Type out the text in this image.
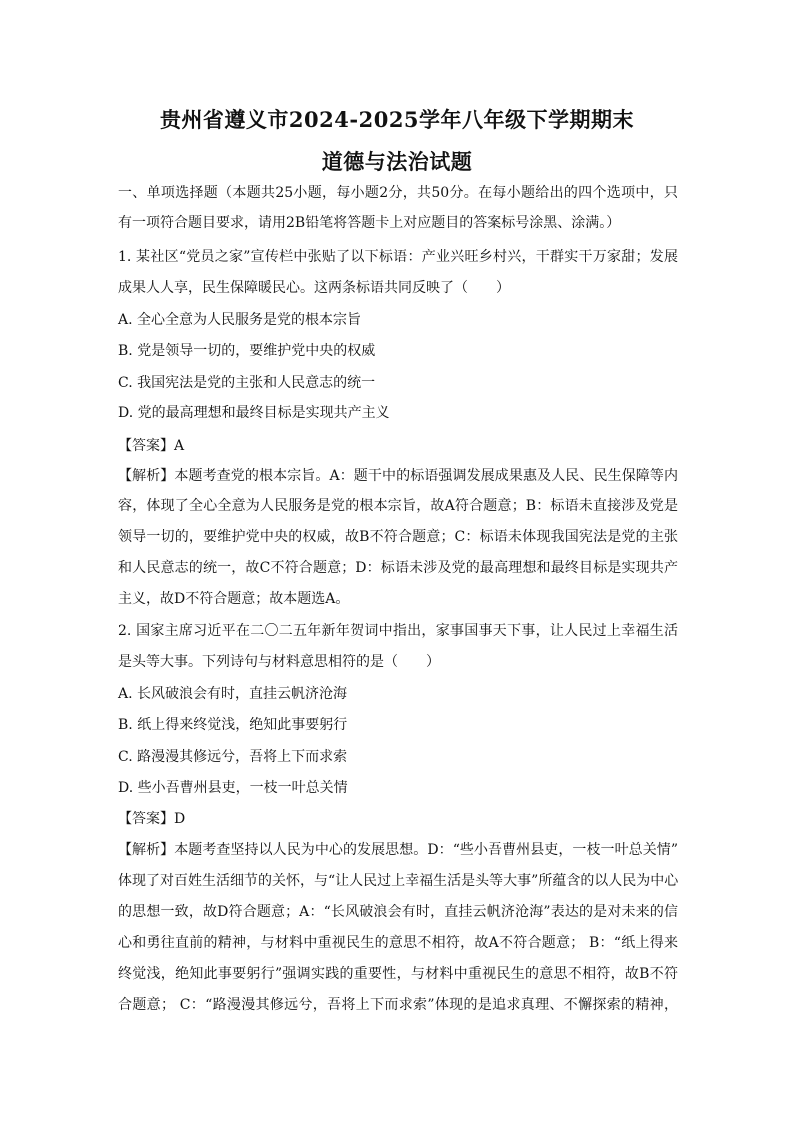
贵州省遵义市2024-2025学年八年级下学期期末
道德与法治试题
一、单项选择题（本题共25小题，每小题2分，共50分。在每小题给出的四个选项中，只
有一项符合题目要求，请用2B铅笔将答题卡上对应题目的答案标号涂黑、涂满。）
1. 某社区“党员之家”宣传栏中张贴了以下标语：产业兴旺乡村兴，干群实干万家甜；发展
成果人人享，民生保障暖民心。这两条标语共同反映了（　　）
A. 全心全意为人民服务是党的根本宗旨
B. 党是领导一切的，要维护党中央的权威
C. 我国宪法是党的主张和人民意志的统一
D. 党的最高理想和最终目标是实现共产主义
【答案】A
【解析】本题考查党的根本宗旨。A：题干中的标语强调发展成果惠及人民、民生保障等内
容，体现了全心全意为人民服务是党的根本宗旨，故A符合题意；B：标语未直接涉及党是
领导一切的，要维护党中央的权威，故B不符合题意；C：标语未体现我国宪法是党的主张
和人民意志的统一，故C不符合题意；D：标语未涉及党的最高理想和最终目标是实现共产
主义，故D不符合题意；故本题选A。
2. 国家主席习近平在二〇二五年新年贺词中指出，家事国事天下事，让人民过上幸福生活
是头等大事。下列诗句与材料意思相符的是（　　）
A. 长风破浪会有时，直挂云帆济沧海
B. 纸上得来终觉浅，绝知此事要躬行
C. 路漫漫其修远兮，吾将上下而求索
D. 些小吾曹州县吏，一枝一叶总关情
【答案】D
【解析】本题考查坚持以人民为中心的发展思想。D：“些小吾曹州县吏，一枝一叶总关情”
体现了对百姓生活细节的关怀，与“让人民过上幸福生活是头等大事”所蕴含的以人民为中心
的思想一致，故D符合题意；A：“长风破浪会有时，直挂云帆济沧海”表达的是对未来的信
心和勇往直前的精神，与材料中重视民生的意思不相符，故A不符合题意； B：“纸上得来
终觉浅，绝知此事要躬行”强调实践的重要性，与材料中重视民生的意思不相符，故B不符
合题意； C：“路漫漫其修远兮，吾将上下而求索”体现的是追求真理、不懈探索的精神，
